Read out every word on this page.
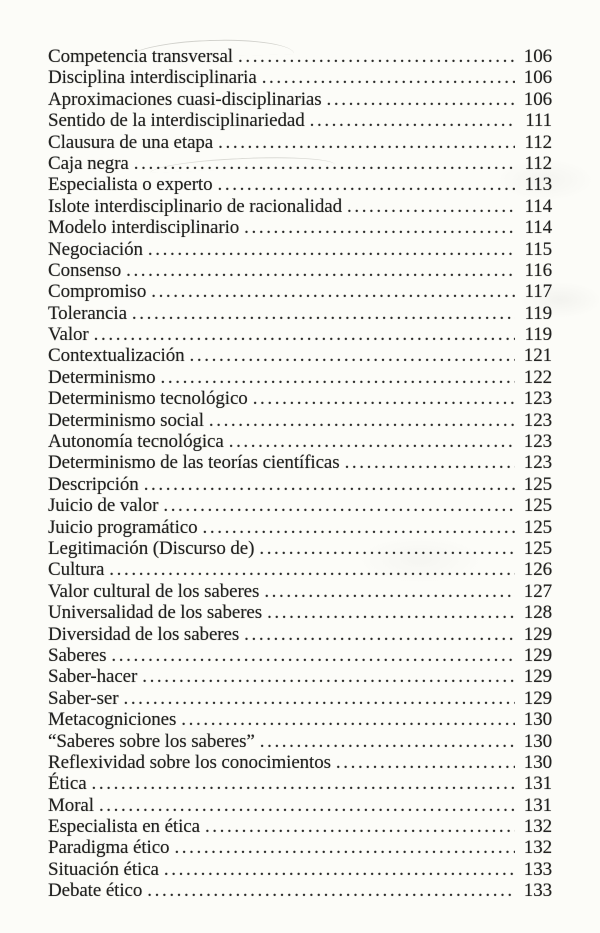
Competencia transversal .....	106
Disciplina interdisciplinaria .....	106
Aproximaciones cuasi-disciplinarias .....	106
Sentido de la interdisciplinariedad .....	111
Clausura de una etapa .....	112
Caja negra .....	112
Especialista o experto .....	113
Islote interdisciplinario de racionalidad .....	114
Modelo interdisciplinario .....	114
Negociación .....	115
Consenso .....	116
Compromiso .....	117
Tolerancia .....	119
Valor .....	119
Contextualización .....	121
Determinismo .....	122
Determinismo tecnológico .....	123
Determinismo social .....	123
Autonomía tecnológica .....	123
Determinismo de las teorías científicas .....	123
Descripción .....	125
Juicio de valor .....	125
Juicio programático .....	125
Legitimación (Discurso de) .....	125
Cultura .....	126
Valor cultural de los saberes .....	127
Universalidad de los saberes .....	128
Diversidad de los saberes .....	129
Saberes .....	129
Saber-hacer .....	129
Saber-ser .....	129
Metacogniciones .....	130
“Saberes sobre los saberes” .....	130
Reflexividad sobre los conocimientos .....	130
Ética .....	131
Moral .....	131
Especialista en ética .....	132
Paradigma ético .....	132
Situación ética .....	133
Debate ético .....	133
